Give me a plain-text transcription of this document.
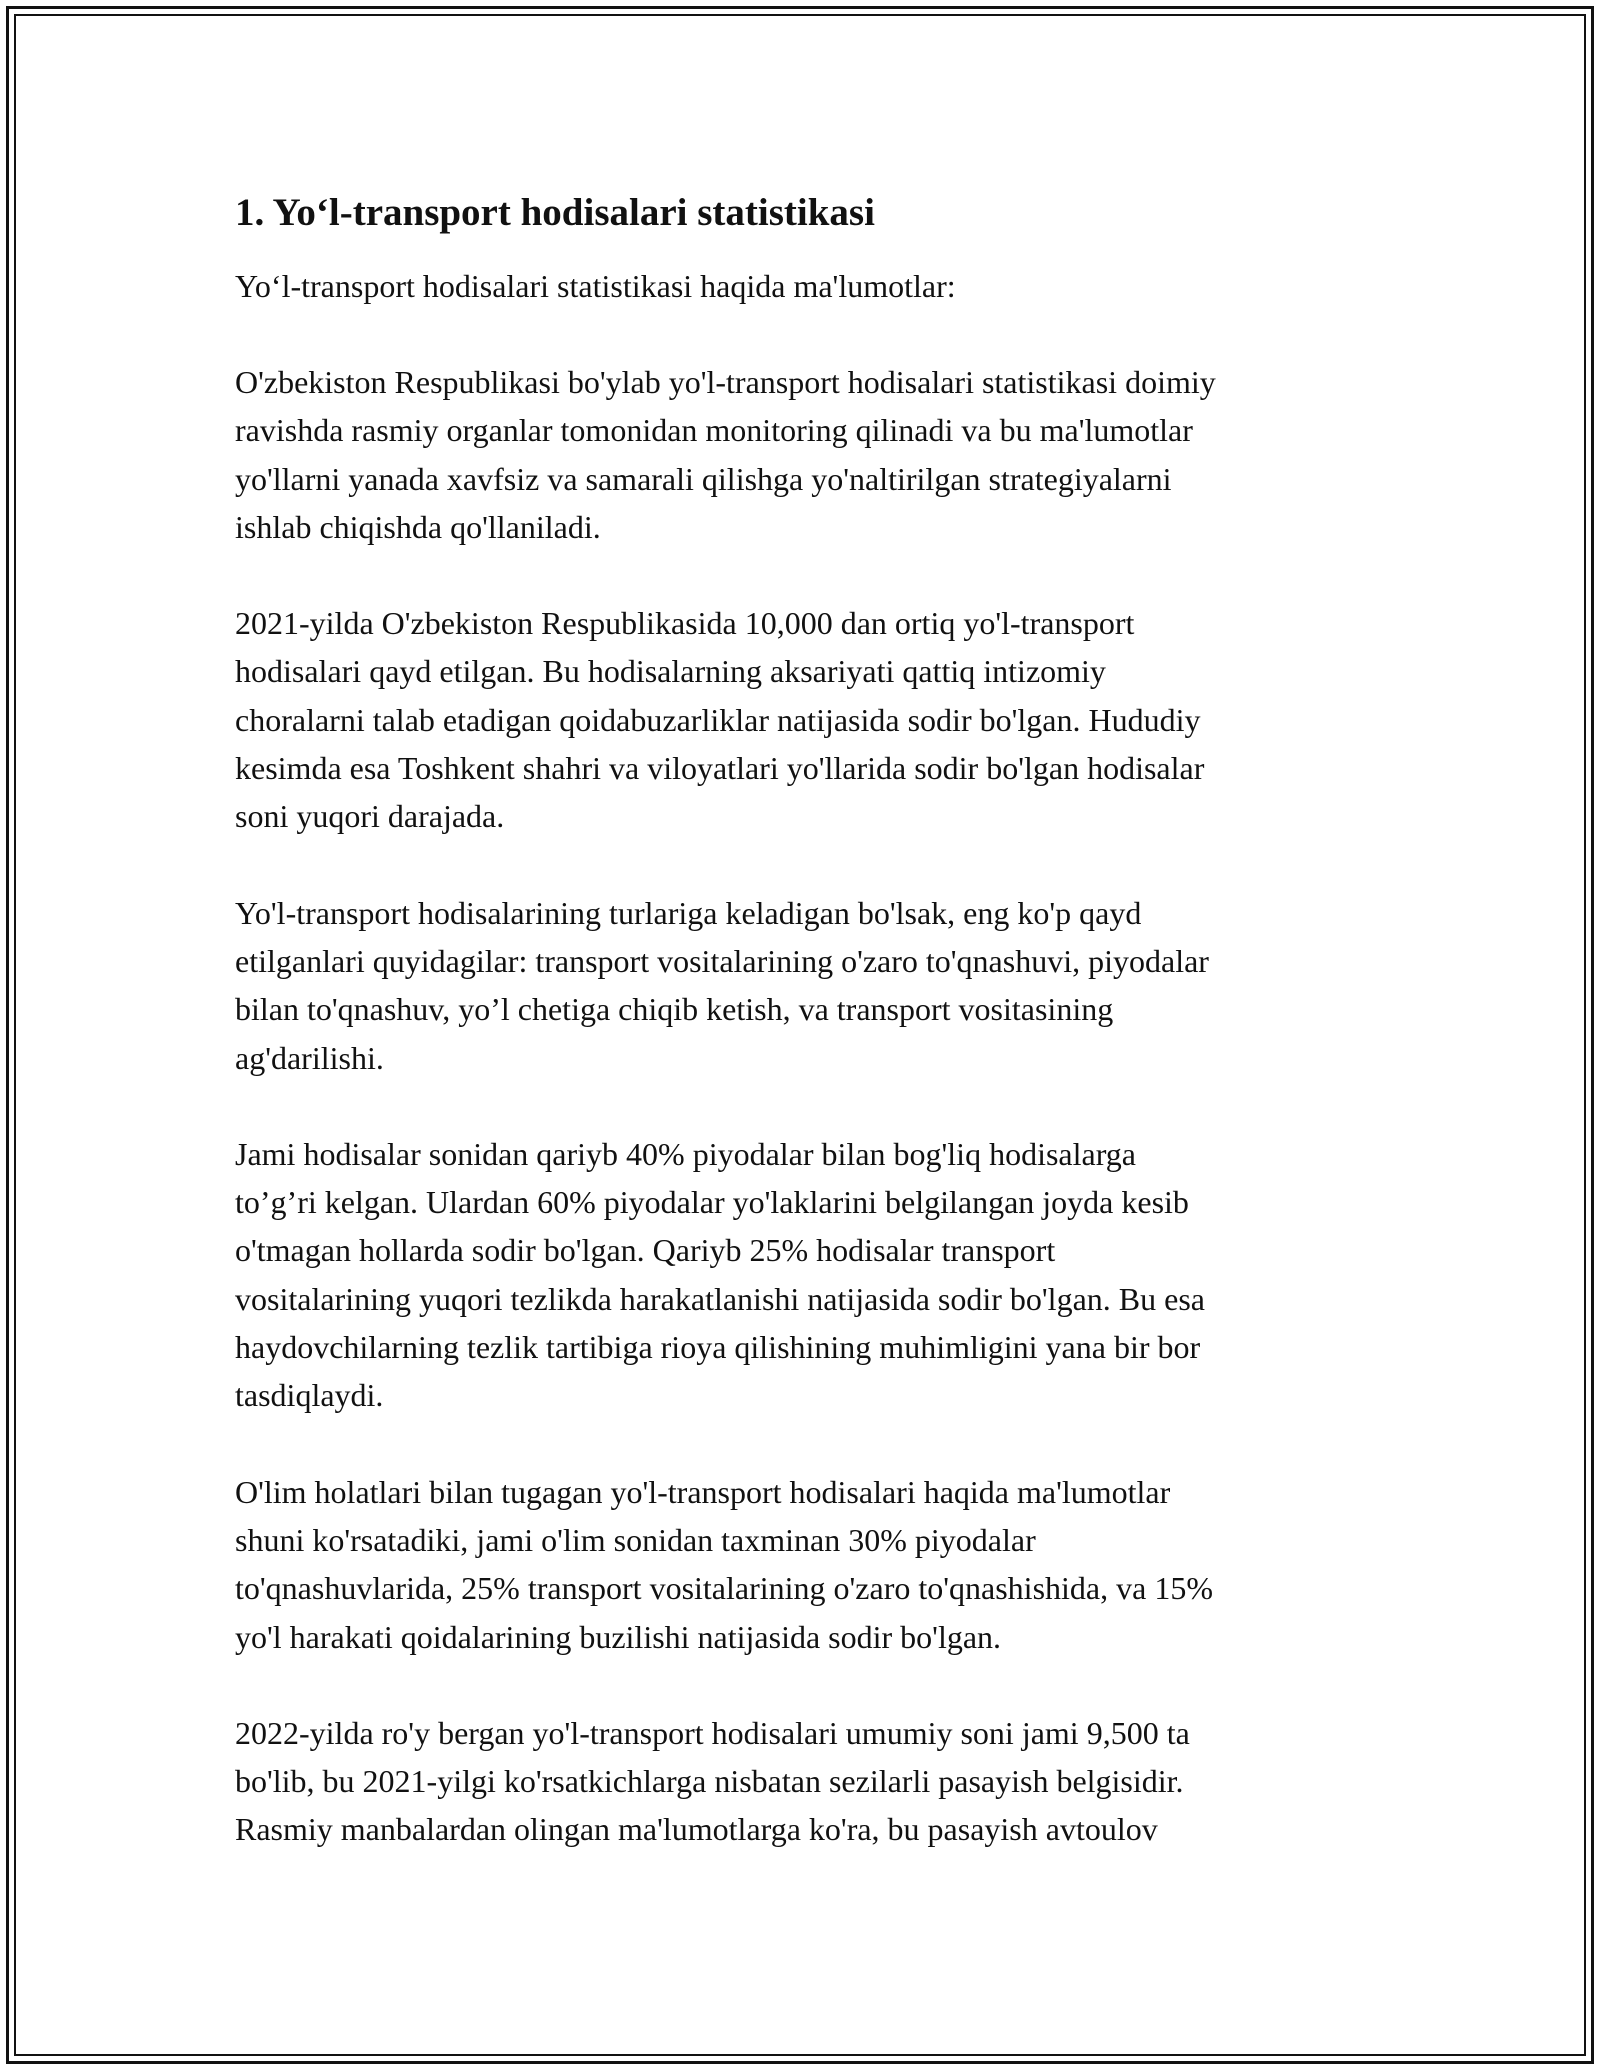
1. Yo‘l-transport hodisalari statistikasi

Yo‘l-transport hodisalari statistikasi haqida ma'lumotlar:

O'zbekiston Respublikasi bo'ylab yo'l-transport hodisalari statistikasi doimiy
ravishda rasmiy organlar tomonidan monitoring qilinadi va bu ma'lumotlar
yo'llarni yanada xavfsiz va samarali qilishga yo'naltirilgan strategiyalarni
ishlab chiqishda qo'llaniladi.

2021-yilda O'zbekiston Respublikasida 10,000 dan ortiq yo'l-transport
hodisalari qayd etilgan. Bu hodisalarning aksariyati qattiq intizomiy
choralarni talab etadigan qoidabuzarliklar natijasida sodir bo'lgan. Hududiy
kesimda esa Toshkent shahri va viloyatlari yo'llarida sodir bo'lgan hodisalar
soni yuqori darajada.

Yo'l-transport hodisalarining turlariga keladigan bo'lsak, eng ko'p qayd
etilganlari quyidagilar: transport vositalarining o'zaro to'qnashuvi, piyodalar
bilan to'qnashuv, yo’l chetiga chiqib ketish, va transport vositasining
ag'darilishi.

Jami hodisalar sonidan qariyb 40% piyodalar bilan bog'liq hodisalarga
to’g’ri kelgan. Ulardan 60% piyodalar yo'laklarini belgilangan joyda kesib
o'tmagan hollarda sodir bo'lgan. Qariyb 25% hodisalar transport
vositalarining yuqori tezlikda harakatlanishi natijasida sodir bo'lgan. Bu esa
haydovchilarning tezlik tartibiga rioya qilishining muhimligini yana bir bor
tasdiqlaydi.

O'lim holatlari bilan tugagan yo'l-transport hodisalari haqida ma'lumotlar
shuni ko'rsatadiki, jami o'lim sonidan taxminan 30% piyodalar
to'qnashuvlarida, 25% transport vositalarining o'zaro to'qnashishida, va 15%
yo'l harakati qoidalarining buzilishi natijasida sodir bo'lgan.

2022-yilda ro'y bergan yo'l-transport hodisalari umumiy soni jami 9,500 ta
bo'lib, bu 2021-yilgi ko'rsatkichlarga nisbatan sezilarli pasayish belgisidir.
Rasmiy manbalardan olingan ma'lumotlarga ko'ra, bu pasayish avtoulov
